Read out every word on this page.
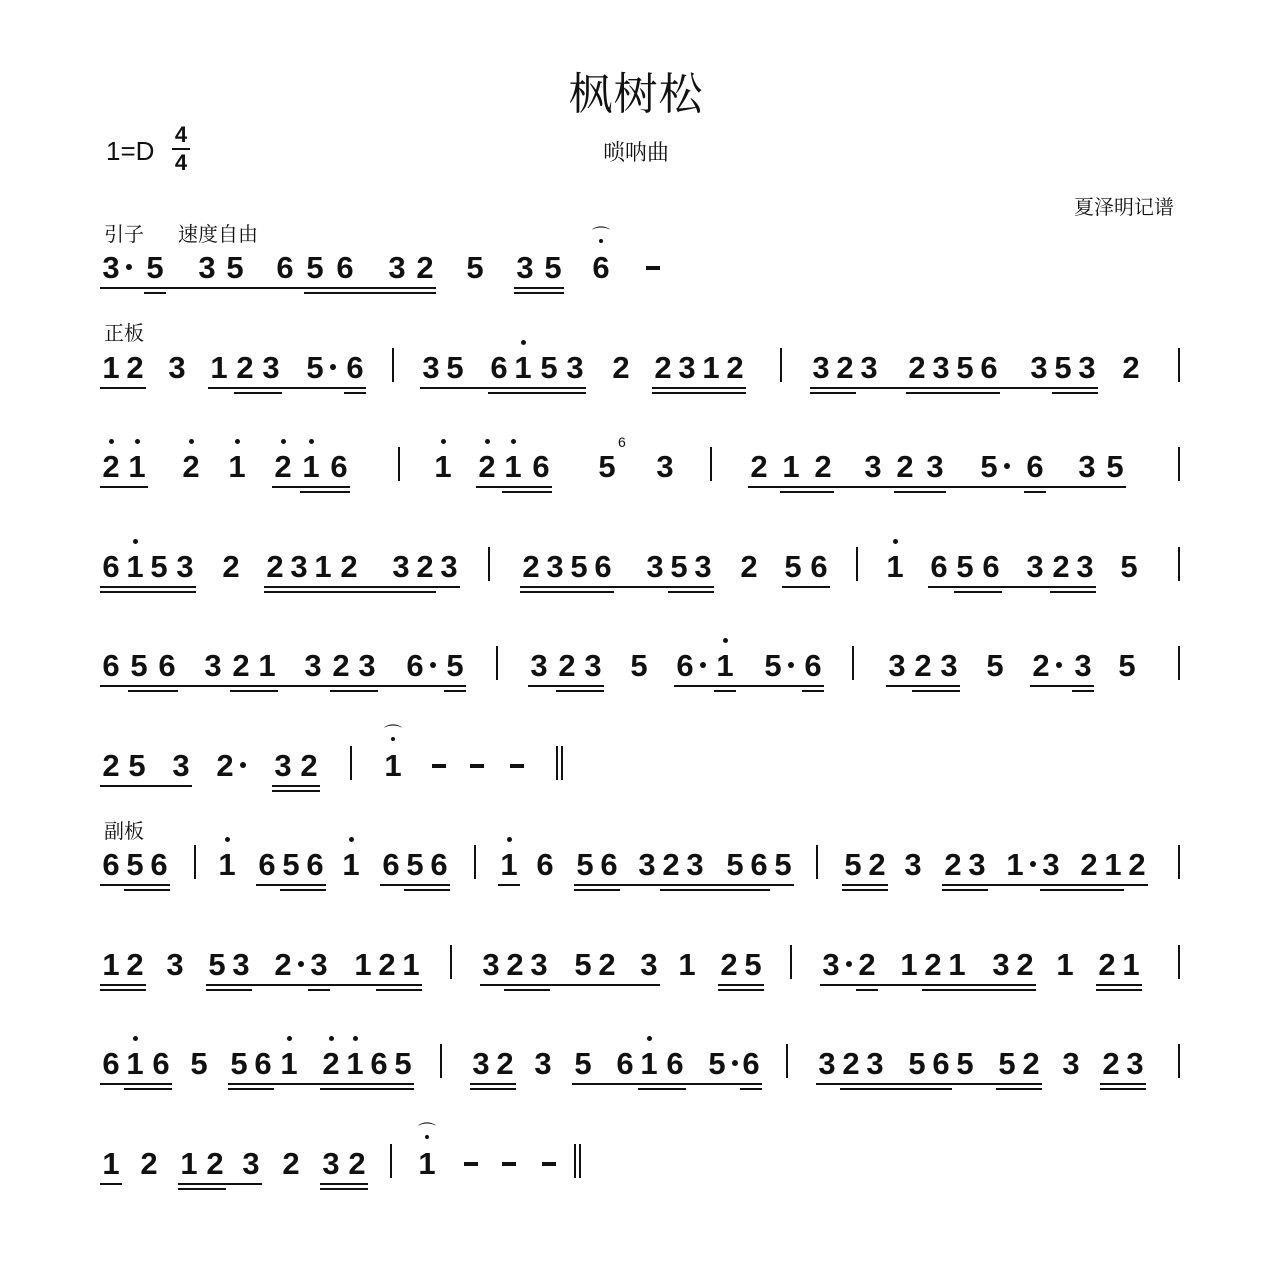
枫树松
唢呐曲
1=D
4
4
夏泽明记谱
引子 速度自由
正板
副板
3 5 3 5 6 5 6 3 2 5 3 5 6
⌒
1 2 3 1 2 3 5 6 3 5 6 1 5 3 2 2 3 1 2 3 2 3 2 3 5 6 3 5 3 2
2 1 2 1 2 1 6	1 2 1 6 5
6
3 2 1 2 3 2 3 5 6 3 5
6 1 5 3 2 2 3 1 2 3 2 3 2 3 5 6 3 5 3 2 5 6 1 6 5 6 3 2 3 5
6 5 6 3 2 1 3 2 3 6 5 3 2 3 5 6 1 5 6 3 2 3 5 2 3 5
2 5 3 2 3 2 1
⌒
6 5 6 1 6 5 6 1 6 5 6 1 6 5 6 3 2 3 5 6 5 5 2 3 2 3 1 3 2 1 2
1 2 3 5 3 2 3 1 2 1 3 2 3 5 2 3 1 2 5 3 2 1 2 1 3 2 1 2 1
6 1 6 5 5 6 1 2 1 6 5 3 2 3 5 6 1 6 5 6 3 2 3 5 6 5 5 2 3 2 3
1 2 1 2 3 2 3 2 1
⌒
